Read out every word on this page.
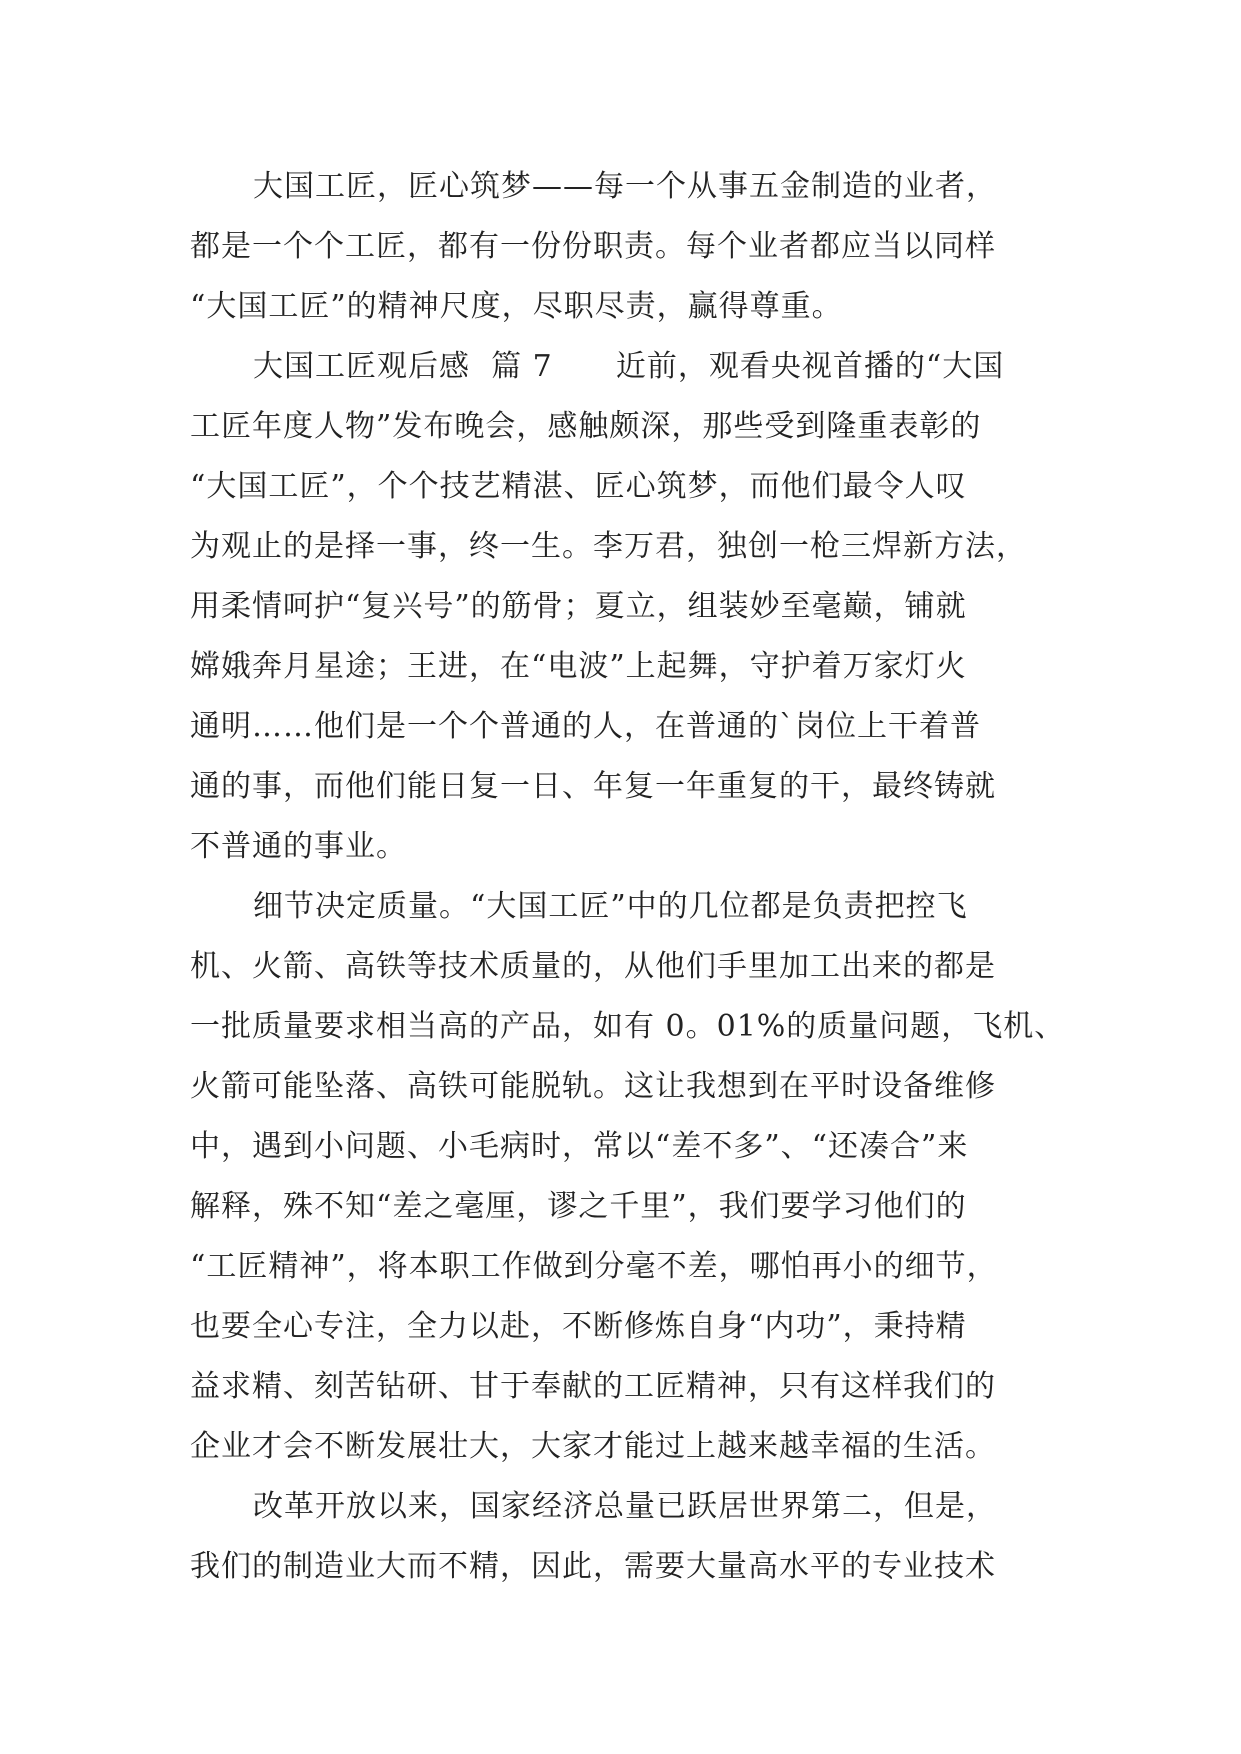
大国工匠，匠心筑梦——每一个从事五金制造的业者，
都是一个个工匠，都有一份份职责。每个业者都应当以同样
“大国工匠”的精神尺度，尽职尽责，赢得尊重。
大国工匠观后感  篇 7      近前，观看央视首播的“大国
工匠年度人物”发布晚会，感触颇深，那些受到隆重表彰的
“大国工匠”，个个技艺精湛、匠心筑梦，而他们最令人叹
为观止的是择一事，终一生。李万君，独创一枪三焊新方法，
用柔情呵护“复兴号”的筋骨；夏立，组装妙至毫巅，铺就
嫦娥奔月星途；王进，在“电波”上起舞，守护着万家灯火
通明……他们是一个个普通的人，在普通的`岗位上干着普
通的事，而他们能日复一日、年复一年重复的干，最终铸就
不普通的事业。
细节决定质量。“大国工匠”中的几位都是负责把控飞
机、火箭、高铁等技术质量的，从他们手里加工出来的都是
一批质量要求相当高的产品，如有 0。01%的质量问题，飞机、
火箭可能坠落、高铁可能脱轨。这让我想到在平时设备维修
中，遇到小问题、小毛病时，常以“差不多”、“还凑合”来
解释，殊不知“差之毫厘，谬之千里”，我们要学习他们的
“工匠精神”，将本职工作做到分毫不差，哪怕再小的细节，
也要全心专注，全力以赴，不断修炼自身“内功”，秉持精
益求精、刻苦钻研、甘于奉献的工匠精神，只有这样我们的
企业才会不断发展壮大，大家才能过上越来越幸福的生活。
改革开放以来，国家经济总量已跃居世界第二，但是，
我们的制造业大而不精，因此，需要大量高水平的专业技术
